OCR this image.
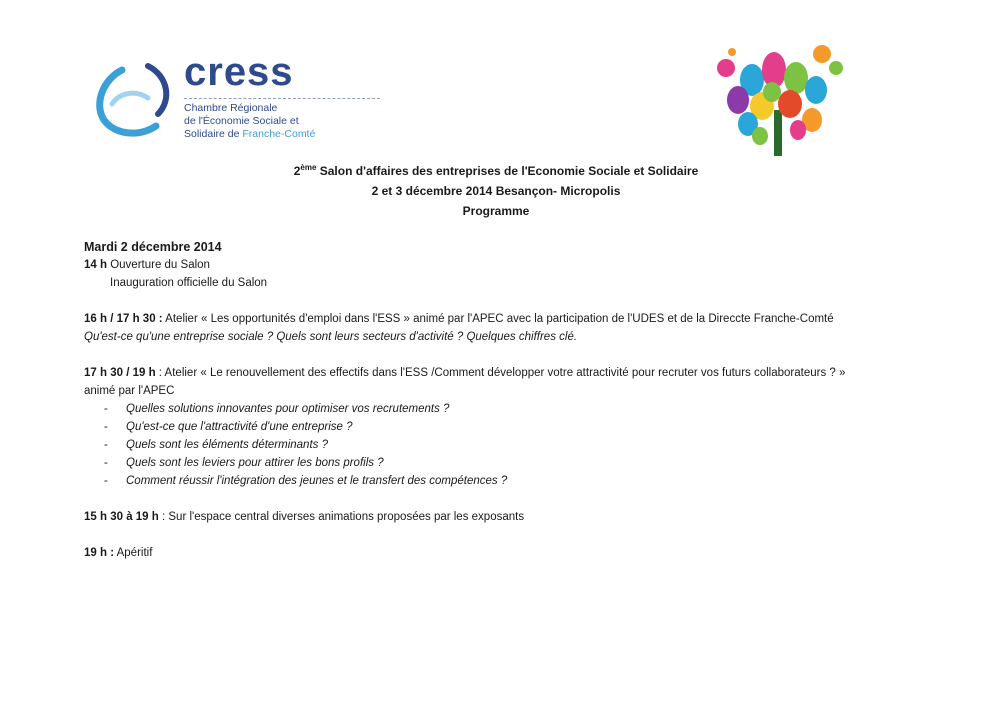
cress
Chambre Régionale
de l'Économie Sociale et
Solidaire de Franche-Comté
2ème Salon d'affaires des entreprises de l'Economie Sociale et Solidaire
2 et 3 décembre 2014 Besançon- Micropolis
Programme

Mardi 2 décembre 2014

14 h Ouverture du Salon

Inauguration officielle du Salon

16 h / 17 h 30 : Atelier « Les opportunités d'emploi dans l'ESS » animé par l'APEC avec la participation de l'UDES et de la Direccte Franche-Comté

Qu'est-ce qu'une entreprise sociale ? Quels sont leurs secteurs d'activité ? Quelques chiffres clé.

17 h 30 / 19 h : Atelier « Le renouvellement des effectifs dans l'ESS /Comment développer votre attractivité pour recruter vos futurs collaborateurs ? »

animé par l'APEC

- Quelles solutions innovantes pour optimiser vos recrutements ?
- Qu'est-ce que l'attractivité d'une entreprise ?
- Quels sont les éléments déterminants ?
- Quels sont les leviers pour attirer les bons profils ?
- Comment réussir l'intégration des jeunes et le transfert des compétences ?

15 h 30 à 19 h : Sur l'espace central diverses animations proposées par les exposants

19 h : Apéritif
